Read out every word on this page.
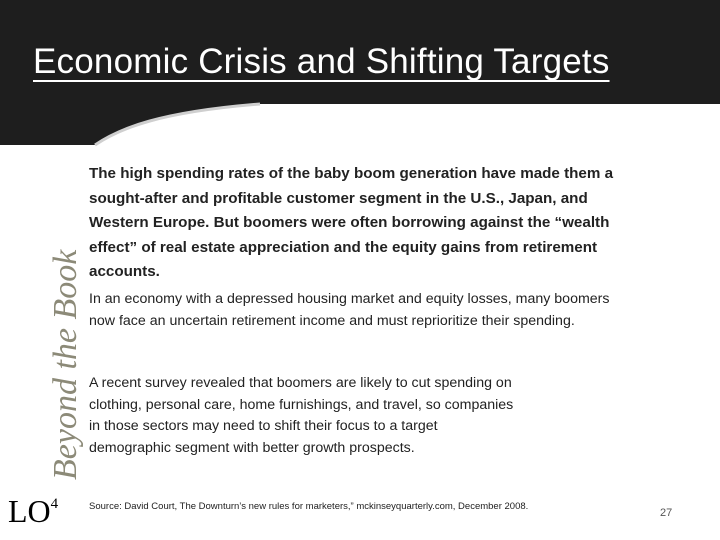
Economic Crisis and Shifting Targets
Beyond the Book
$LO^4$

The high spending rates of the baby boom generation have made them a sought-after and profitable customer segment in the U.S., Japan, and Western Europe. But boomers were often borrowing against the “wealth effect” of real estate appreciation and the equity gains from retirement accounts.

In an economy with a depressed housing market and equity losses, many boomers now face an uncertain retirement income and must reprioritize their spending.

A recent survey revealed that boomers are likely to cut spending on clothing, personal care, home furnishings, and travel, so companies in those sectors may need to shift their focus to a target demographic segment with better growth prospects.

Source: David Court, The Downturn’s new rules for marketers,” mckinseyquarterly.com, December 2008.
27
